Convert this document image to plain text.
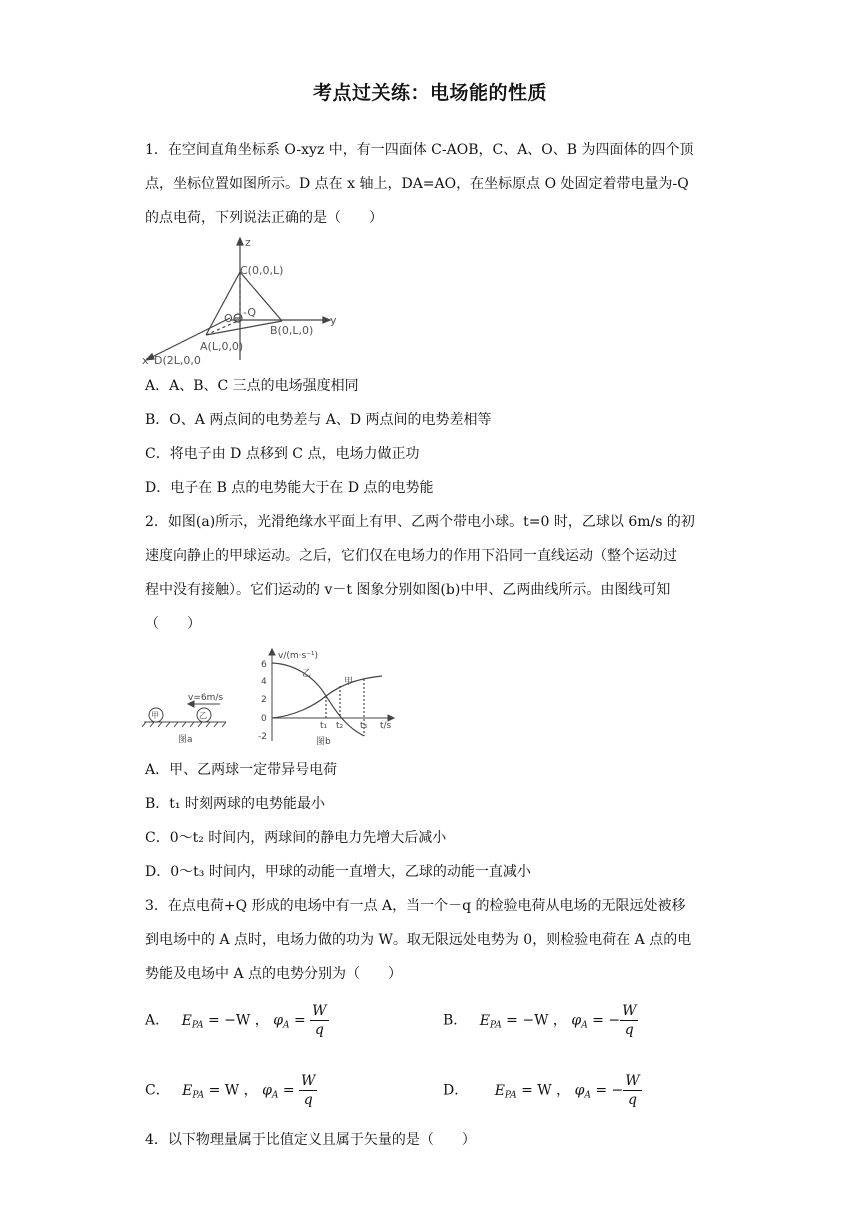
考点过关练：电场能的性质
1．在空间直角坐标系 O-xyz 中，有一四面体 C-AOB，C、A、O、B 为四面体的四个顶
点，坐标位置如图所示。D 点在 x 轴上，DA=AO，在坐标原点 O 处固定着带电量为-Q
的点电荷，下列说法正确的是（　　）
z
C(0,0,L)
O -Q
y
B(0,L,0)
A(L,0,0)
x D(2L,0,0
A．A、B、C 三点的电场强度相同
B．O、A 两点间的电势差与 A、D 两点间的电势差相等
C．将电子由 D 点移到 C 点，电场力做正功
D．电子在 B 点的电势能大于在 D 点的电势能
2．如图(a)所示，光滑绝缘水平面上有甲、乙两个带电小球。t=0 时，乙球以 6m/s 的初
速度向静止的甲球运动。之后，它们仅在电场力的作用下沿同一直线运动（整个运动过
程中没有接触）。它们运动的 v－t 图象分别如图(b)中甲、乙两曲线所示。由图线可知
（　　）
甲	乙
v=6m/s
图a
v/(m·s⁻¹)
6
4
2
0
-2
t/s
t₁ t₂ t₃
乙
甲
图b
A．甲、乙两球一定带异号电荷
B．t₁ 时刻两球的电势能最小
C．0～t₂ 时间内，两球间的静电力先增大后减小
D．0～t₃ 时间内，甲球的动能一直增大，乙球的动能一直减小
3．在点电荷+Q 形成的电场中有一点 A，当一个－q 的检验电荷从电场的无限远处被移
到电场中的 A 点时，电场力做的功为 W。取无限远处电势为 0，则检验电荷在 A 点的电
势能及电场中 A 点的电势分别为（　　）
A． $E_{PA} = -W$ ， $\varphi_A = \frac{W}{q}$	B． $E_{PA} = -W$ ， $\varphi_A$ = − $\frac{W}{q}$
C． $E_{PA} = W$ ， $\varphi_A = \frac{W}{q}$	D． $E_{PA} = W$ ， $\varphi_A$ = − $\frac{W}{q}$
4．以下物理量属于比值定义且属于矢量的是（　　）
